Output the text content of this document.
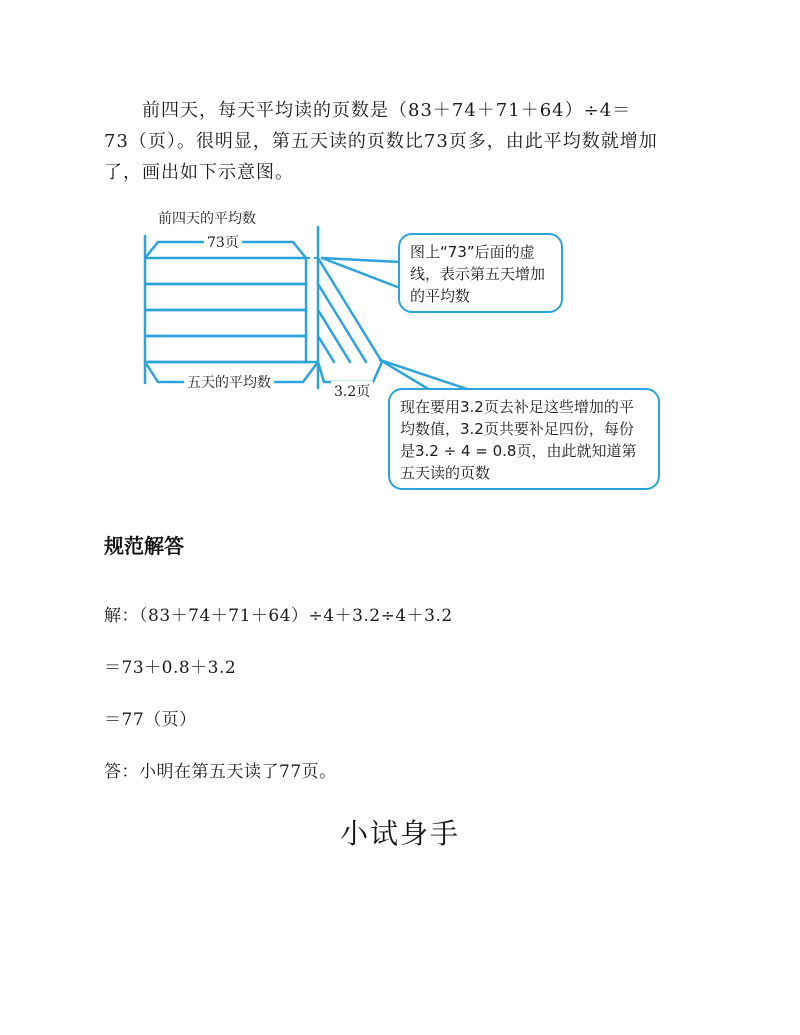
前四天，每天平均读的页数是（83＋74＋71＋64）÷4＝
73（页）。很明显，第五天读的页数比73页多，由此平均数就增加
了，画出如下示意图。
前四天的平均数
73页
五天的平均数
3.2页
图上“73”后面的虚线，表示第五天增加的平均数
现在要用3.2页去补足这些增加的平均数值，3.2页共要补足四份，每份是3.2 ÷ 4 = 0.8页，由此就知道第五天读的页数
规范解答
解：（83＋74＋71＋64）÷4＋3.2÷4＋3.2
＝73＋0.8＋3.2
＝77（页）
答：小明在第五天读了77页。
小试身手
